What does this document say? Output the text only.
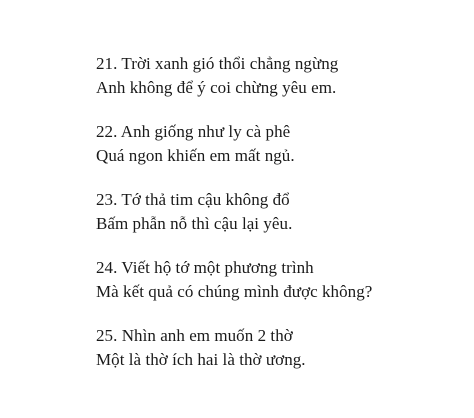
21. Trời xanh gió thổi chẳng ngừng
Anh không để ý coi chừng yêu em.
22. Anh giống như ly cà phê
Quá ngon khiến em mất ngủ.
23. Tớ thả tim cậu không đổ
Bấm phẫn nỗ thì cậu lại yêu.
24. Viết hộ tớ một phương trình
Mà kết quả có chúng mình được không?
25. Nhìn anh em muốn 2 thờ
Một là thờ ích hai là thờ ương.
